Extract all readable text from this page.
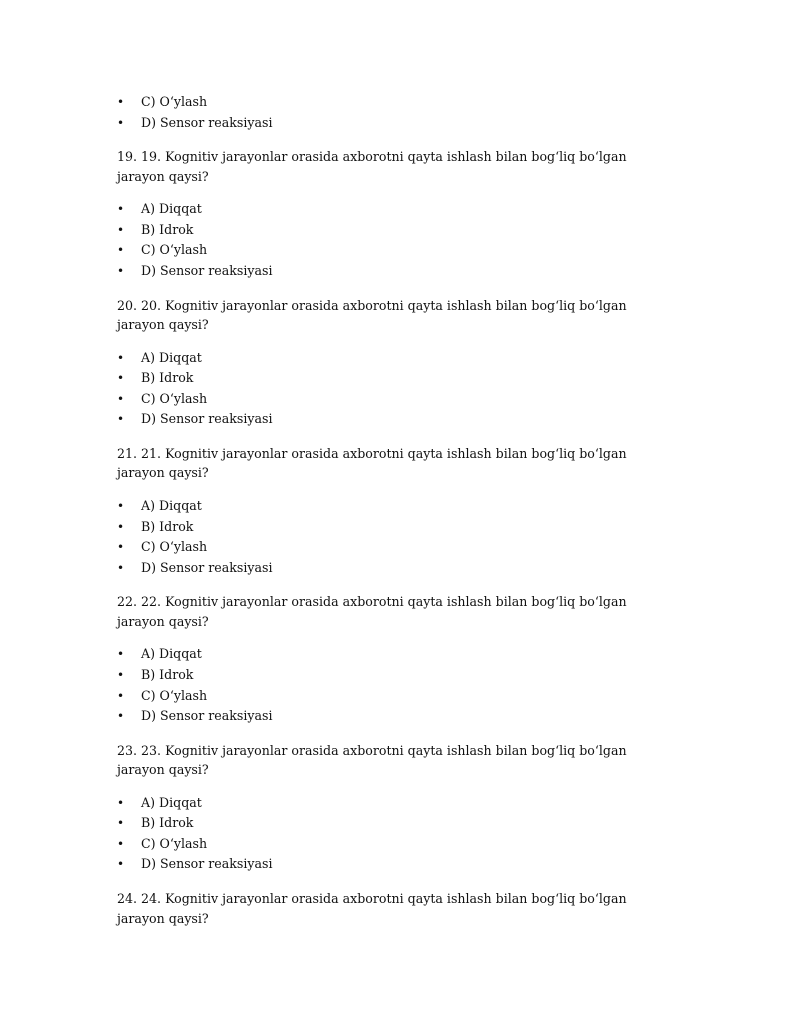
• C) O‘ylash
• D) Sensor reaksiyasi

19. 19. Kognitiv jarayonlar orasida axborotni qayta ishlash bilan bog‘liq bo‘lgan jarayon qaysi?

• A) Diqqat
• B) Idrok
• C) O‘ylash
• D) Sensor reaksiyasi

20. 20. Kognitiv jarayonlar orasida axborotni qayta ishlash bilan bog‘liq bo‘lgan jarayon qaysi?

• A) Diqqat
• B) Idrok
• C) O‘ylash
• D) Sensor reaksiyasi

21. 21. Kognitiv jarayonlar orasida axborotni qayta ishlash bilan bog‘liq bo‘lgan jarayon qaysi?

• A) Diqqat
• B) Idrok
• C) O‘ylash
• D) Sensor reaksiyasi

22. 22. Kognitiv jarayonlar orasida axborotni qayta ishlash bilan bog‘liq bo‘lgan jarayon qaysi?

• A) Diqqat
• B) Idrok
• C) O‘ylash
• D) Sensor reaksiyasi

23. 23. Kognitiv jarayonlar orasida axborotni qayta ishlash bilan bog‘liq bo‘lgan jarayon qaysi?

• A) Diqqat
• B) Idrok
• C) O‘ylash
• D) Sensor reaksiyasi

24. 24. Kognitiv jarayonlar orasida axborotni qayta ishlash bilan bog‘liq bo‘lgan jarayon qaysi?
